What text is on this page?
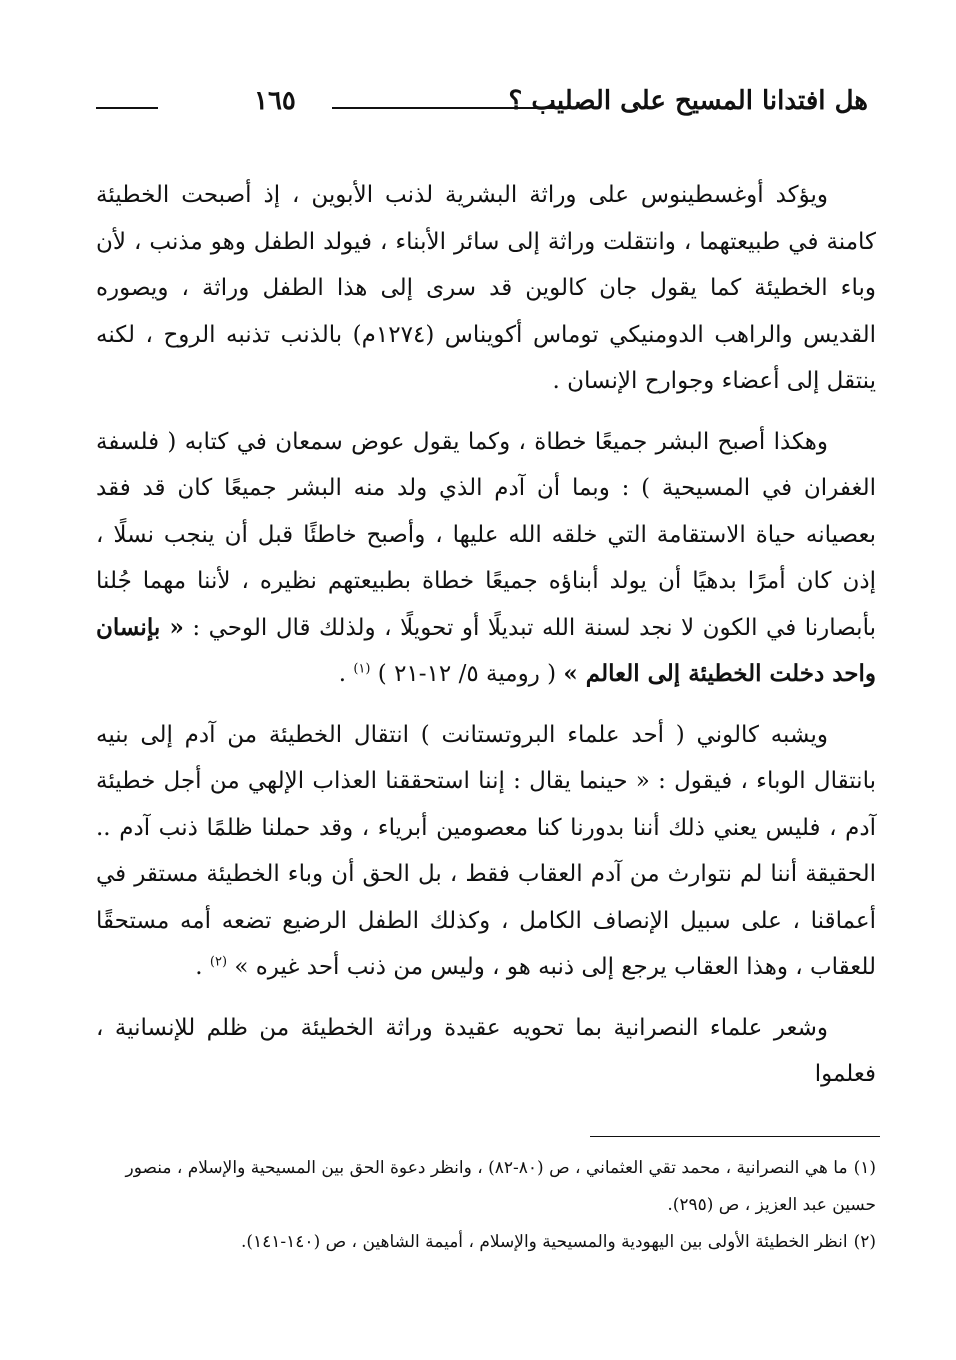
هل افتدانا المسيح على الصليب ؟
١٦٥

ويؤكد أوغسطينوس على وراثة البشرية لذنب الأبوين ، إذ أصبحت الخطيئة كامنة في طبيعتهما ، وانتقلت وراثة إلى سائر الأبناء ، فيولد الطفل وهو مذنب ، لأن وباء الخطيئة كما يقول جان كالوين قد سرى إلى هذا الطفل وراثة ، ويصوره القديس والراهب الدومنيكي توماس أكويناس (١٢٧٤م) بالذنب تذنبه الروح ، لكنه ينتقل إلى أعضاء وجوارح الإنسان .

وهكذا أصبح البشر جميعًا خطاة ، وكما يقول عوض سمعان في كتابه ( فلسفة الغفران في المسيحية ) : وبما أن آدم الذي ولد منه البشر جميعًا كان قد فقد بعصيانه حياة الاستقامة التي خلقه الله عليها ، وأصبح خاطئًا قبل أن ينجب نسلًا ، إذن كان أمرًا بدهيًا أن يولد أبناؤه جميعًا خطاة بطبيعتهم نظيره ، لأننا مهما جُلنا بأبصارنا في الكون لا نجد لسنة الله تبديلًا أو تحويلًا ، ولذلك قال الوحي : « بإنسان واحد دخلت الخطيئة إلى العالم » ( رومية ٥/ ١٢-٢١ ) $^{(١)}$ .

ويشبه كالوني ( أحد علماء البروتستانت ) انتقال الخطيئة من آدم إلى بنيه بانتقال الوباء ، فيقول : « حينما يقال : إننا استحققنا العذاب الإلهي من أجل خطيئة آدم ، فليس يعني ذلك أننا بدورنا كنا معصومين أبرياء ، وقد حملنا ظلمًا ذنب آدم .. الحقيقة أننا لم نتوارث من آدم العقاب فقط ، بل الحق أن وباء الخطيئة مستقر في أعماقنا ، على سبيل الإنصاف الكامل ، وكذلك الطفل الرضيع تضعه أمه مستحقًا للعقاب ، وهذا العقاب يرجع إلى ذنبه هو ، وليس من ذنب أحد غيره » $^{(٢)}$ .

وشعر علماء النصرانية بما تحويه عقيدة وراثة الخطيئة من ظلم للإنسانية ، فعلموا

(١)ما هي النصرانية ، محمد تقي العثماني ، ص (٨٠-٨٢) ، وانظر دعوة الحق بين المسيحية والإسلام ، منصور حسين عبد العزيز ، ص (٢٩٥).

(٢)انظر الخطيئة الأولى بين اليهودية والمسيحية والإسلام ، أميمة الشاهين ، ص (١٤٠-١٤١).
